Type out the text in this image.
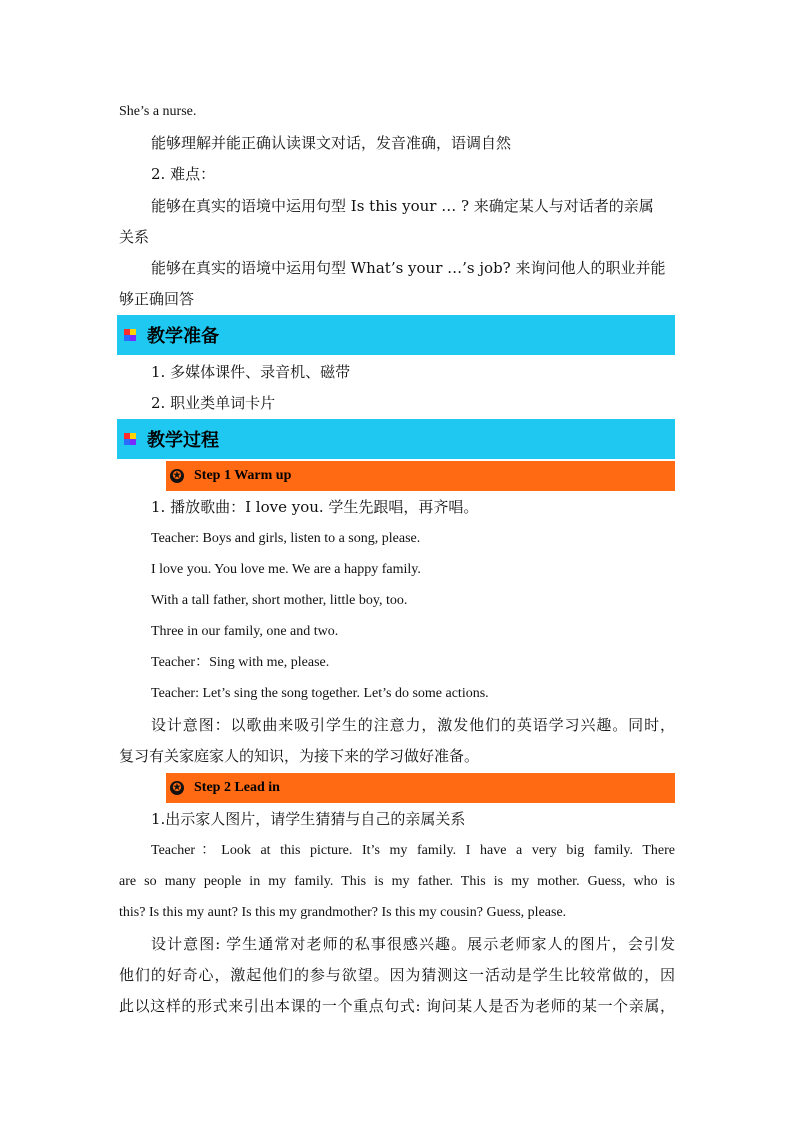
She’s a nurse.
能够理解并能正确认读课文对话，发音准确，语调自然
2. 难点：
能够在真实的语境中运用句型 Is this your … ? 来确定某人与对话者的亲属
关系
能够在真实的语境中运用句型 What’s your …’s job? 来询问他人的职业并能
够正确回答
教学准备
1. 多媒体课件、录音机、磁带
2. 职业类单词卡片
教学过程
✪ Step 1 Warm up
1. 播放歌曲：I love you. 学生先跟唱，再齐唱。
Teacher: Boys and girls, listen to a song, please.
I love you. You love me. We are a happy family.
With a tall father, short mother, little boy, too.
Three in our family, one and two.
Teacher：Sing with me, please.
Teacher: Let’s sing the song together. Let’s do some actions.
设计意图：以歌曲来吸引学生的注意力，激发他们的英语学习兴趣。同时，
复习有关家庭家人的知识，为接下来的学习做好准备。
✪ Step 2 Lead in
1.出示家人图片，请学生猜猜与自己的亲属关系
Teacher：Look at this picture. It’s my family. I have a very big family. There
are so many people in my family. This is my father. This is my mother. Guess, who is
this? Is this my aunt? Is this my grandmother? Is this my cousin? Guess, please.
设计意图: 学生通常对老师的私事很感兴趣。展示老师家人的图片，会引发
他们的好奇心，激起他们的参与欲望。因为猜测这一活动是学生比较常做的，因
此以这样的形式来引出本课的一个重点句式: 询问某人是否为老师的某一个亲属，
